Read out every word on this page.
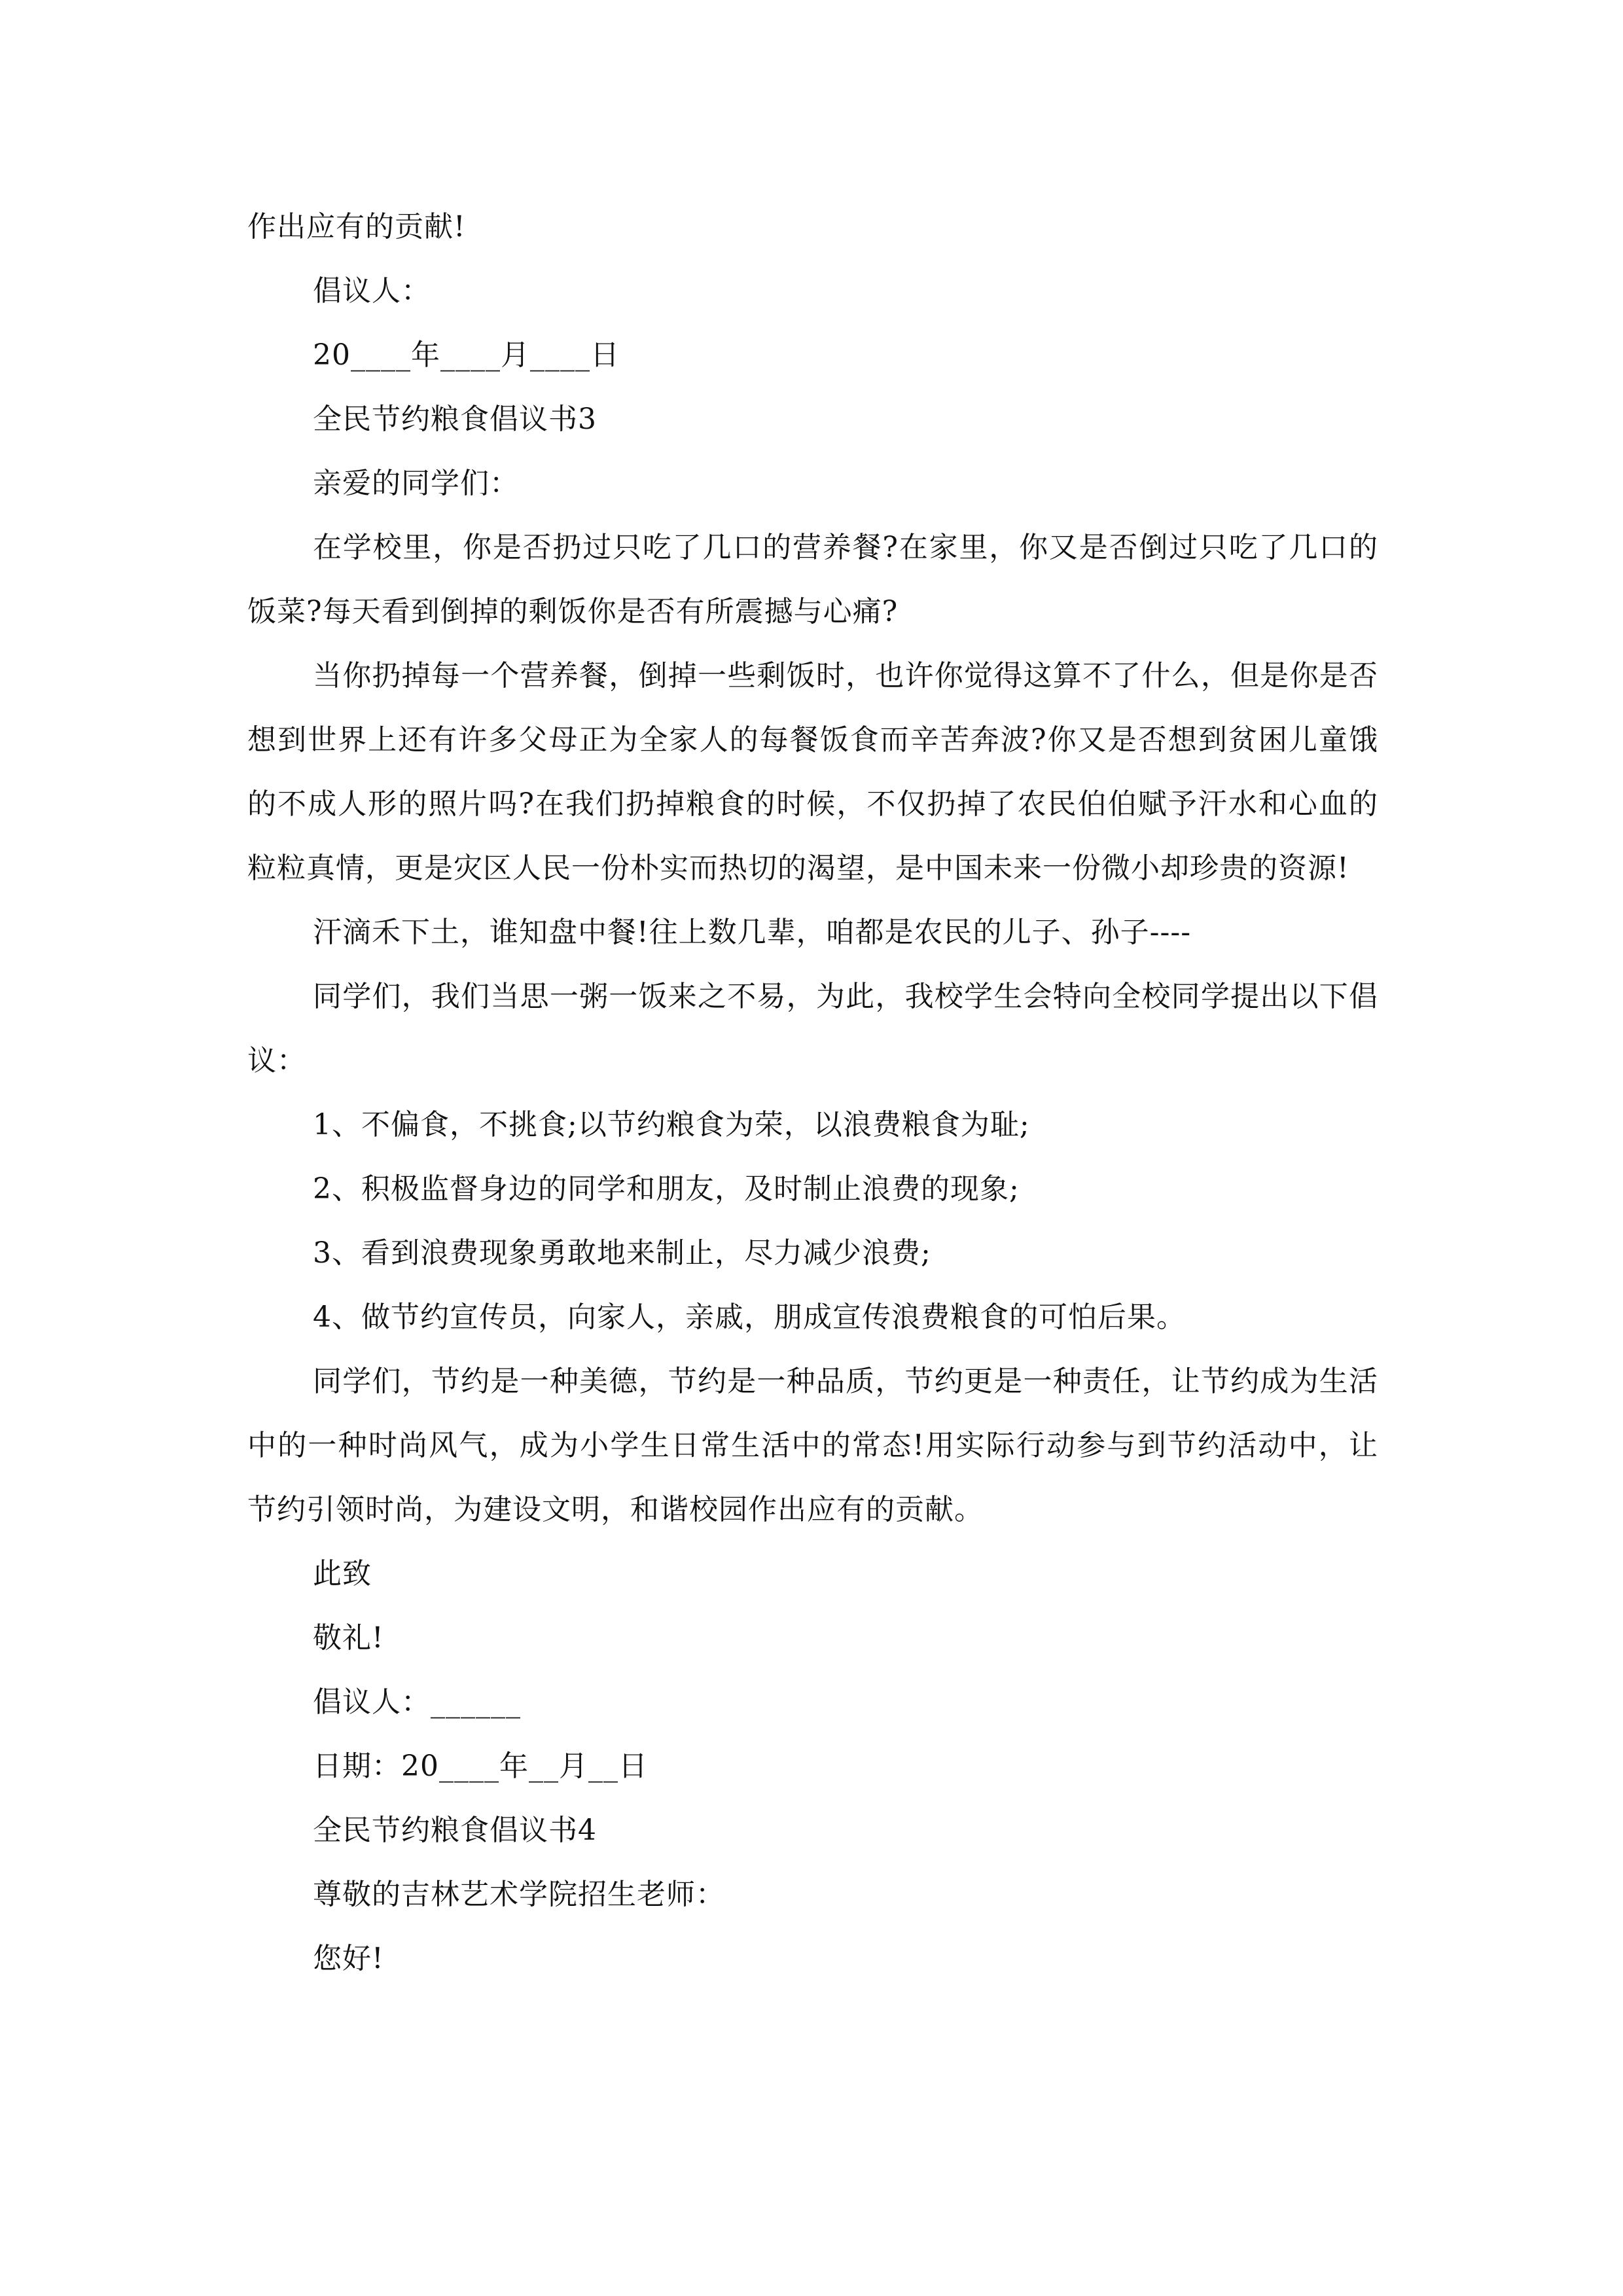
作出应有的贡献!

倡议人：

20____年____月____日

全民节约粮食倡议书3

亲爱的同学们：

在学校里，你是否扔过只吃了几口的营养餐?在家里，你又是否倒过只吃了几口的饭菜?每天看到倒掉的剩饭你是否有所震撼与心痛?

当你扔掉每一个营养餐，倒掉一些剩饭时，也许你觉得这算不了什么，但是你是否想到世界上还有许多父母正为全家人的每餐饭食而辛苦奔波?你又是否想到贫困儿童饿的不成人形的照片吗?在我们扔掉粮食的时候，不仅扔掉了农民伯伯赋予汗水和心血的粒粒真情，更是灾区人民一份朴实而热切的渴望，是中国未来一份微小却珍贵的资源!

汗滴禾下土，谁知盘中餐!往上数几辈，咱都是农民的儿子、孙子----

同学们，我们当思一粥一饭来之不易，为此，我校学生会特向全校同学提出以下倡议：

1、不偏食，不挑食;以节约粮食为荣，以浪费粮食为耻;

2、积极监督身边的同学和朋友，及时制止浪费的现象;

3、看到浪费现象勇敢地来制止，尽力减少浪费;

4、做节约宣传员，向家人，亲戚，朋成宣传浪费粮食的可怕后果。

同学们，节约是一种美德，节约是一种品质，节约更是一种责任，让节约成为生活中的一种时尚风气，成为小学生日常生活中的常态!用实际行动参与到节约活动中，让节约引领时尚，为建设文明，和谐校园作出应有的贡献。

此致

敬礼!

倡议人：______

日期：20____年__月__日

全民节约粮食倡议书4

尊敬的吉林艺术学院招生老师：

您好!
